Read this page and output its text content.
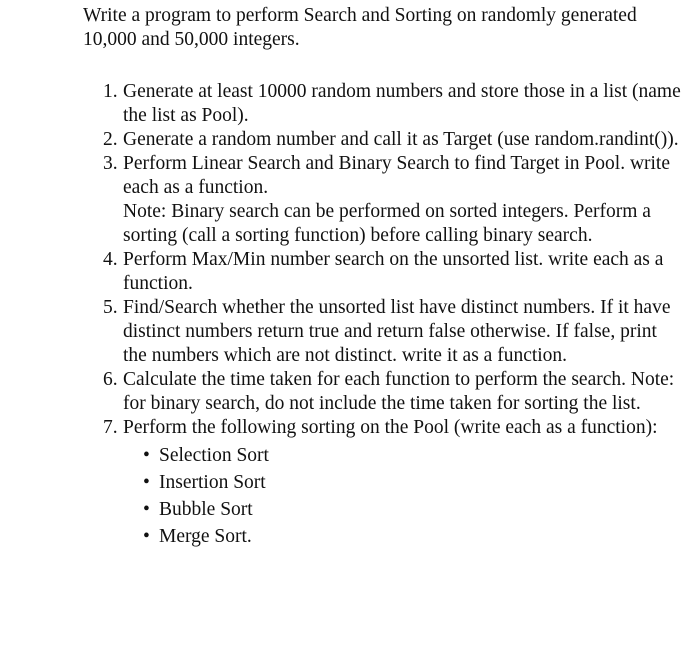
Write a program to perform Search and Sorting on randomly generated 10,000 and 50,000 integers.

1. Generate at least 10000 random numbers and store those in a list (name the list as Pool).
2. Generate a random number and call it as Target (use random.randint()).
3. Perform Linear Search and Binary Search to find Target in Pool. write each as a function.
Note: Binary search can be performed on sorted integers. Perform a sorting (call a sorting function) before calling binary search.
4. Perform Max/Min number search on the unsorted list. write each as a function.
5. Find/Search whether the unsorted list have distinct numbers. If it have distinct numbers return true and return false otherwise. If false, print the numbers which are not distinct. write it as a function.
6. Calculate the time taken for each function to perform the search. Note: for binary search, do not include the time taken for sorting the list.
7. Perform the following sorting on the Pool (write each as a function):
• Selection Sort
• Insertion Sort
• Bubble Sort
• Merge Sort.
